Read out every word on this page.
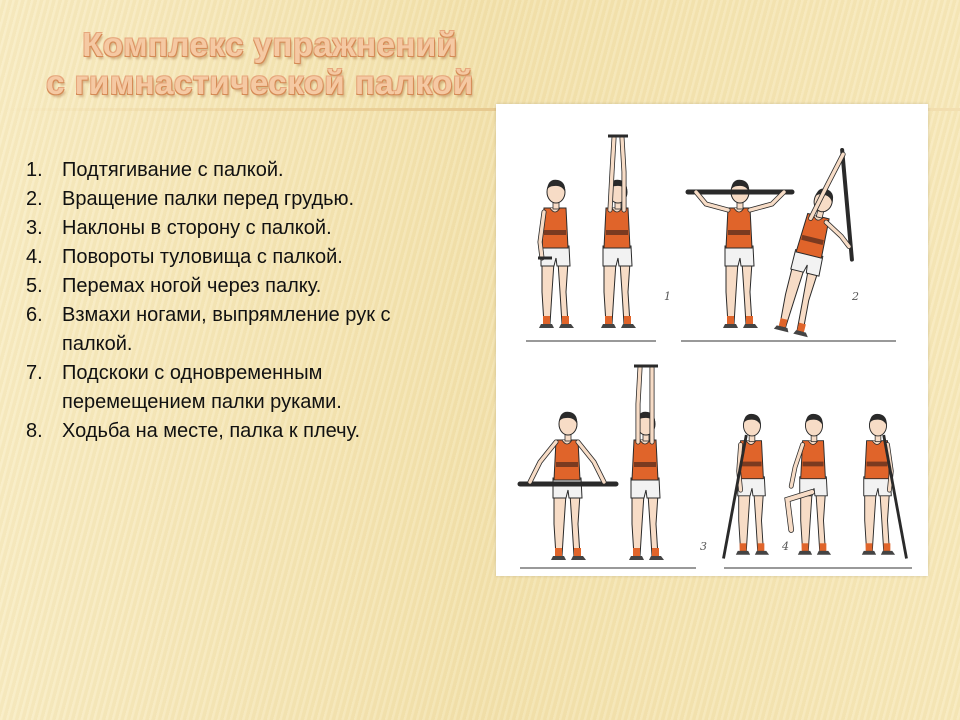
Комплекс упражнений
с гимнастической палкой
1. Подтягивание с палкой.
2. Вращение палки перед грудью.
3. Наклоны в сторону с палкой.
4. Повороты туловища с палкой.
5. Перемах ногой через палку.
6. Взмахи ногами, выпрямление рук с палкой.
7. Подскоки с одновременным перемещением палки руками.
8. Ходьба на месте, палка к плечу.
1	2
3	4
